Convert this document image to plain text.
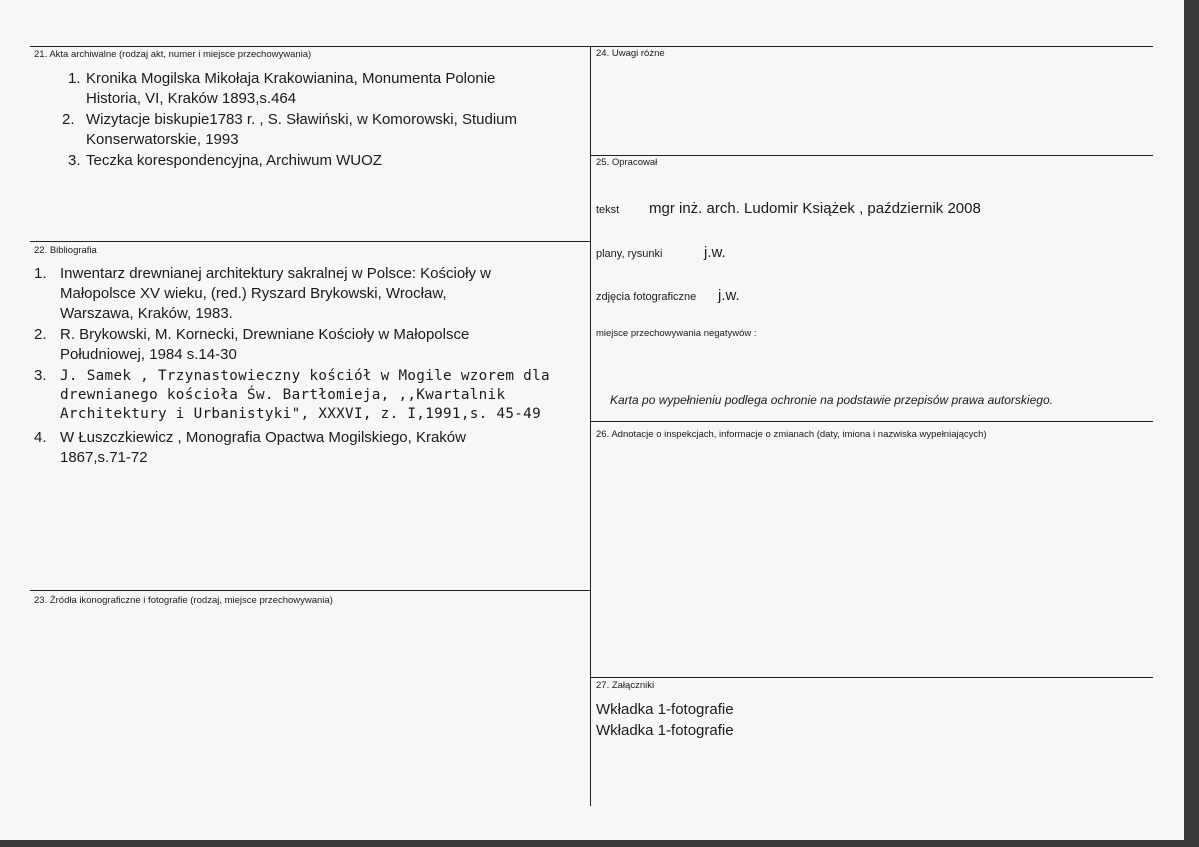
21. Akta archiwalne (rodzaj akt, numer i miejsce przechowywania)
1. Kronika Mogilska Mikołaja Krakowianina, Monumenta Polonie
Historia, VI, Kraków 1893,s.464
2. Wizytacje biskupie1783 r. , S. Sławiński, w Komorowski, Studium
Konserwatorskie, 1993
3. Teczka korespondencyjna, Archiwum WUOZ
22. Bibliografia
1. Inwentarz drewnianej architektury sakralnej w Polsce: Kościoły w
Małopolsce XV wieku, (red.) Ryszard Brykowski, Wrocław,
Warszawa, Kraków, 1983.
2. R. Brykowski, M. Kornecki, Drewniane Kościoły w Małopolsce
Południowej, 1984 s.14-30
3. J. Samek , Trzynastowieczny kościół w Mogile wzorem dla
drewnianego kościoła Św. Bartłomieja, ,,Kwartalnik
Architektury i Urbanistyki", XXXVI, z. I,1991,s. 45-49
4. W Łuszczkiewicz , Monografia Opactwa Mogilskiego, Kraków
1867,s.71-72
23. Źródła ikonograficzne i fotografie (rodzaj, miejsce przechowywania)
24. Uwagi różne
25. Opracował
tekst mgr inż. arch. Ludomir Książek , październik 2008
plany, rysunki	j.w.
zdjęcia fotograficzne j.w.
miejsce przechowywania negatywów :
Karta po wypełnieniu podlega ochronie na podstawie przepisów prawa autorskiego.
26. Adnotacje o inspekcjach, informacje o zmianach (daty, imiona i nazwiska wypełniających)
27. Załączniki
Wkładka 1-fotografie
Wkładka 1-fotografie
